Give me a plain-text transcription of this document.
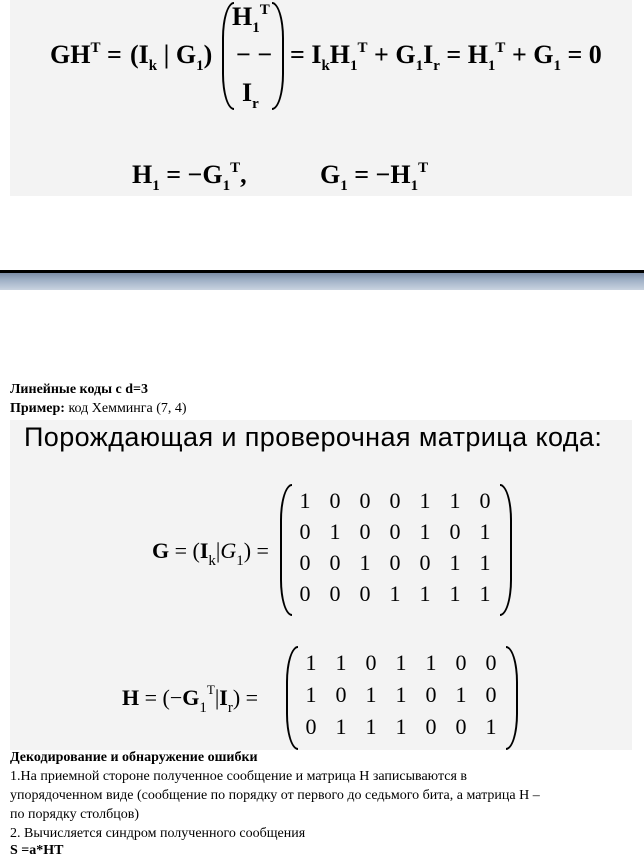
$GH^T = (I_k$ | $G_1$)
$H_1^T$
− −
$I_r$
= $I_kH_1^T + G_1I_r = H_1^T + G_1 = 0$
$H_1 = -G_1^T$,	$G_1 = -H_1^T$
Линейные коды с d=3
Пример: код Хемминга (7, 4)
Порождающая и проверочная матрица кода:
$G = (I_k|G_1)$ =
1 0 0 0 1 1 0
0 1 0 0 1 0 1
0 0 1 0 0 1 1
0 0 0 1 1 1 1
$H = (-G_1^T|I_r)$ =
1 1 0 1 1 0 0
1 0 1 1 0 1 0
0 1 1 1 0 0 1
Декодирование и обнаружение ошибки
1.На приемной стороне полученное сообщение и матрица H записываются в
упорядоченном виде (сообщение по порядку от первого до седьмого бита, а матрица H –
по порядку столбцов)
2. Вычисляется синдром полученного сообщения
S =a*HT
